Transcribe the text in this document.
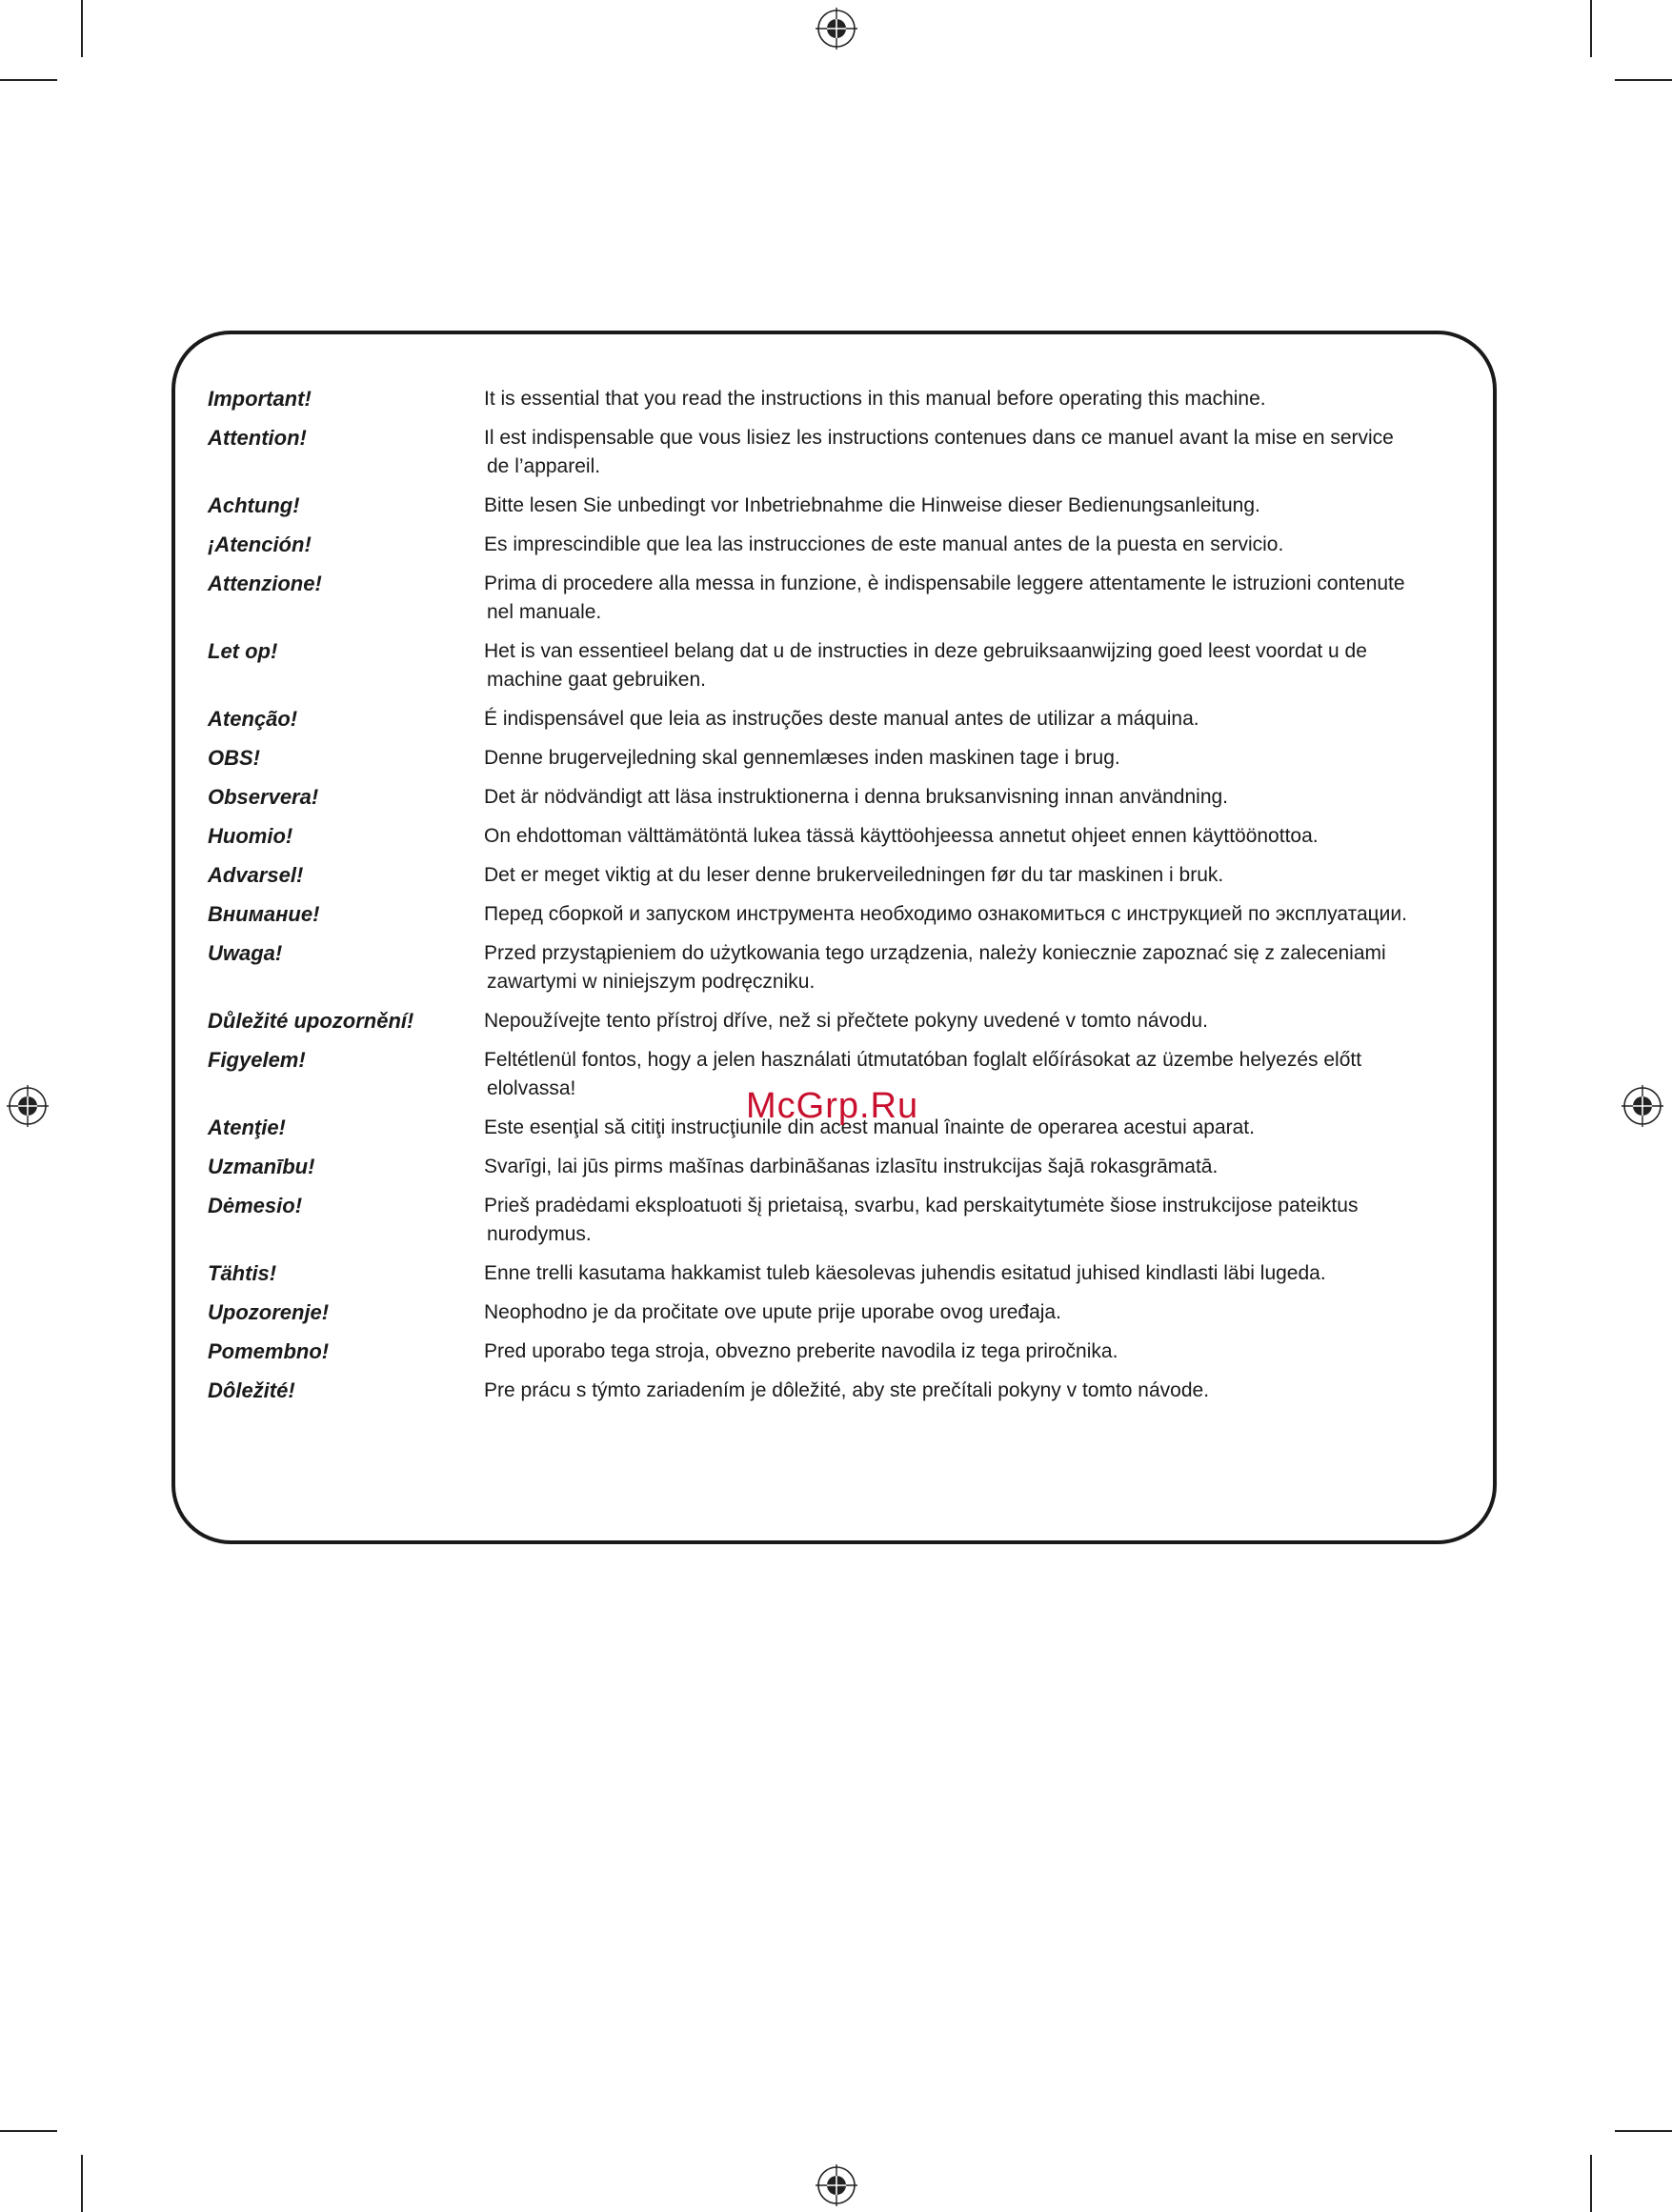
Important!	It is essential that you read the instructions in this manual before operating this machine.
Attention!	Il est indispensable que vous lisiez les instructions contenues dans ce manuel avant la mise en service
de l’appareil.
Achtung!	Bitte lesen Sie unbedingt vor Inbetriebnahme die Hinweise dieser Bedienungsanleitung.
¡Atención!	Es imprescindible que lea las instrucciones de este manual antes de la puesta en servicio.
Attenzione!	Prima di procedere alla messa in funzione, è indispensabile leggere attentamente le istruzioni contenute
nel manuale.
Let op!	Het is van essentieel belang dat u de instructies in deze gebruiksaanwijzing goed leest voordat u de
machine gaat gebruiken.
Atenção!	É indispensável que leia as instruções deste manual antes de utilizar a máquina.
OBS!	Denne brugervejledning skal gennemlæses inden maskinen tage i brug.
Observera!	Det är nödvändigt att läsa instruktionerna i denna bruksanvisning innan användning.
Huomio!	On ehdottoman välttämätöntä lukea tässä käyttöohjeessa annetut ohjeet ennen käyttöönottoa.
Advarsel!	Det er meget viktig at du leser denne brukerveiledningen før du tar maskinen i bruk.
Внимание!	Перед сборкой и запуском инструмента необходимо ознакомиться с инструкцией по эксплуатации.
Uwaga!	Przed przystąpieniem do użytkowania tego urządzenia, należy koniecznie zapoznać się z zaleceniami
zawartymi w niniejszym podręczniku.
Důležité upozornění!	Nepoužívejte tento přístroj dříve, než si přečtete pokyny uvedené v tomto návodu.
Figyelem!	Feltétlenül fontos, hogy a jelen használati útmutatóban foglalt előírásokat az üzembe helyezés előtt
elolvassa!
Atenţie!	Este esenţial să citiţi instrucţiunile din acest manual înainte de operarea acestui aparat.
Uzmanību!	Svarīgi, lai jūs pirms mašīnas darbināšanas izlasītu instrukcijas šajā rokasgrāmatā.
Dėmesio!	Prieš pradėdami eksploatuoti šį prietaisą, svarbu, kad perskaitytumėte šiose instrukcijose pateiktus
nurodymus.
Tähtis!	Enne trelli kasutama hakkamist tuleb käesolevas juhendis esitatud juhised kindlasti läbi lugeda.
Upozorenje!	Neophodno je da pročitate ove upute prije uporabe ovog uređaja.
Pomembno!	Pred uporabo tega stroja, obvezno preberite navodila iz tega priročnika.
Dôležité!	Pre prácu s týmto zariadením je dôležité, aby ste prečítali pokyny v tomto návode.
McGrp.Ru
